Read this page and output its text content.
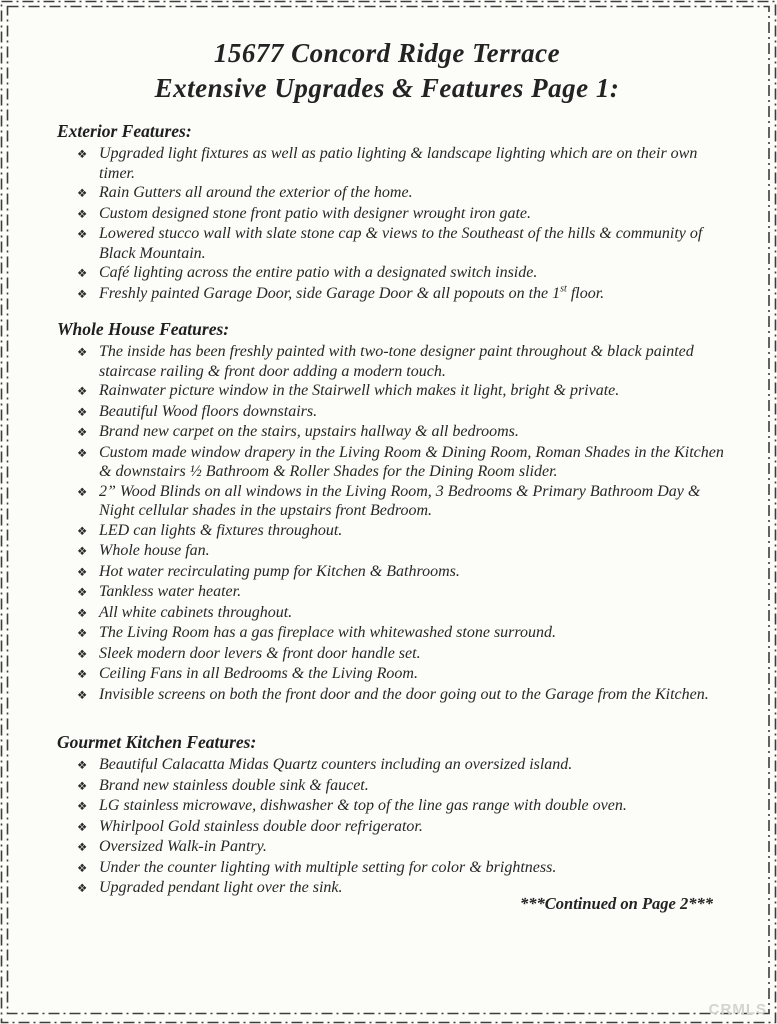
15677 Concord Ridge Terrace
Extensive Upgrades & Features Page 1:
Exterior Features:
❖ Upgraded light fixtures as well as patio lighting & landscape lighting which are on their own timer.
❖ Rain Gutters all around the exterior of the home.
❖ Custom designed stone front patio with designer wrought iron gate.
❖ Lowered stucco wall with slate stone cap & views to the Southeast of the hills & community of Black Mountain.
❖ Café lighting across the entire patio with a designated switch inside.
❖ Freshly painted Garage Door, side Garage Door & all popouts on the 1st floor.
Whole House Features:
❖ The inside has been freshly painted with two-tone designer paint throughout & black painted staircase railing & front door adding a modern touch.
❖ Rainwater picture window in the Stairwell which makes it light, bright & private.
❖ Beautiful Wood floors downstairs.
❖ Brand new carpet on the stairs, upstairs hallway & all bedrooms.
❖ Custom made window drapery in the Living Room & Dining Room, Roman Shades in the Kitchen & downstairs ½ Bathroom & Roller Shades for the Dining Room slider.
❖ 2” Wood Blinds on all windows in the Living Room, 3 Bedrooms & Primary Bathroom Day & Night cellular shades in the upstairs front Bedroom.
❖ LED can lights & fixtures throughout.
❖ Whole house fan.
❖ Hot water recirculating pump for Kitchen & Bathrooms.
❖ Tankless water heater.
❖ All white cabinets throughout.
❖ The Living Room has a gas fireplace with whitewashed stone surround.
❖ Sleek modern door levers & front door handle set.
❖ Ceiling Fans in all Bedrooms & the Living Room.
❖ Invisible screens on both the front door and the door going out to the Garage from the Kitchen.
Gourmet Kitchen Features:
❖ Beautiful Calacatta Midas Quartz counters including an oversized island.
❖ Brand new stainless double sink & faucet.
❖ LG stainless microwave, dishwasher & top of the line gas range with double oven.
❖ Whirlpool Gold stainless double door refrigerator.
❖ Oversized Walk-in Pantry.
❖ Under the counter lighting with multiple setting for color & brightness.
❖ Upgraded pendant light over the sink.
***Continued on Page 2***
CRMLS
